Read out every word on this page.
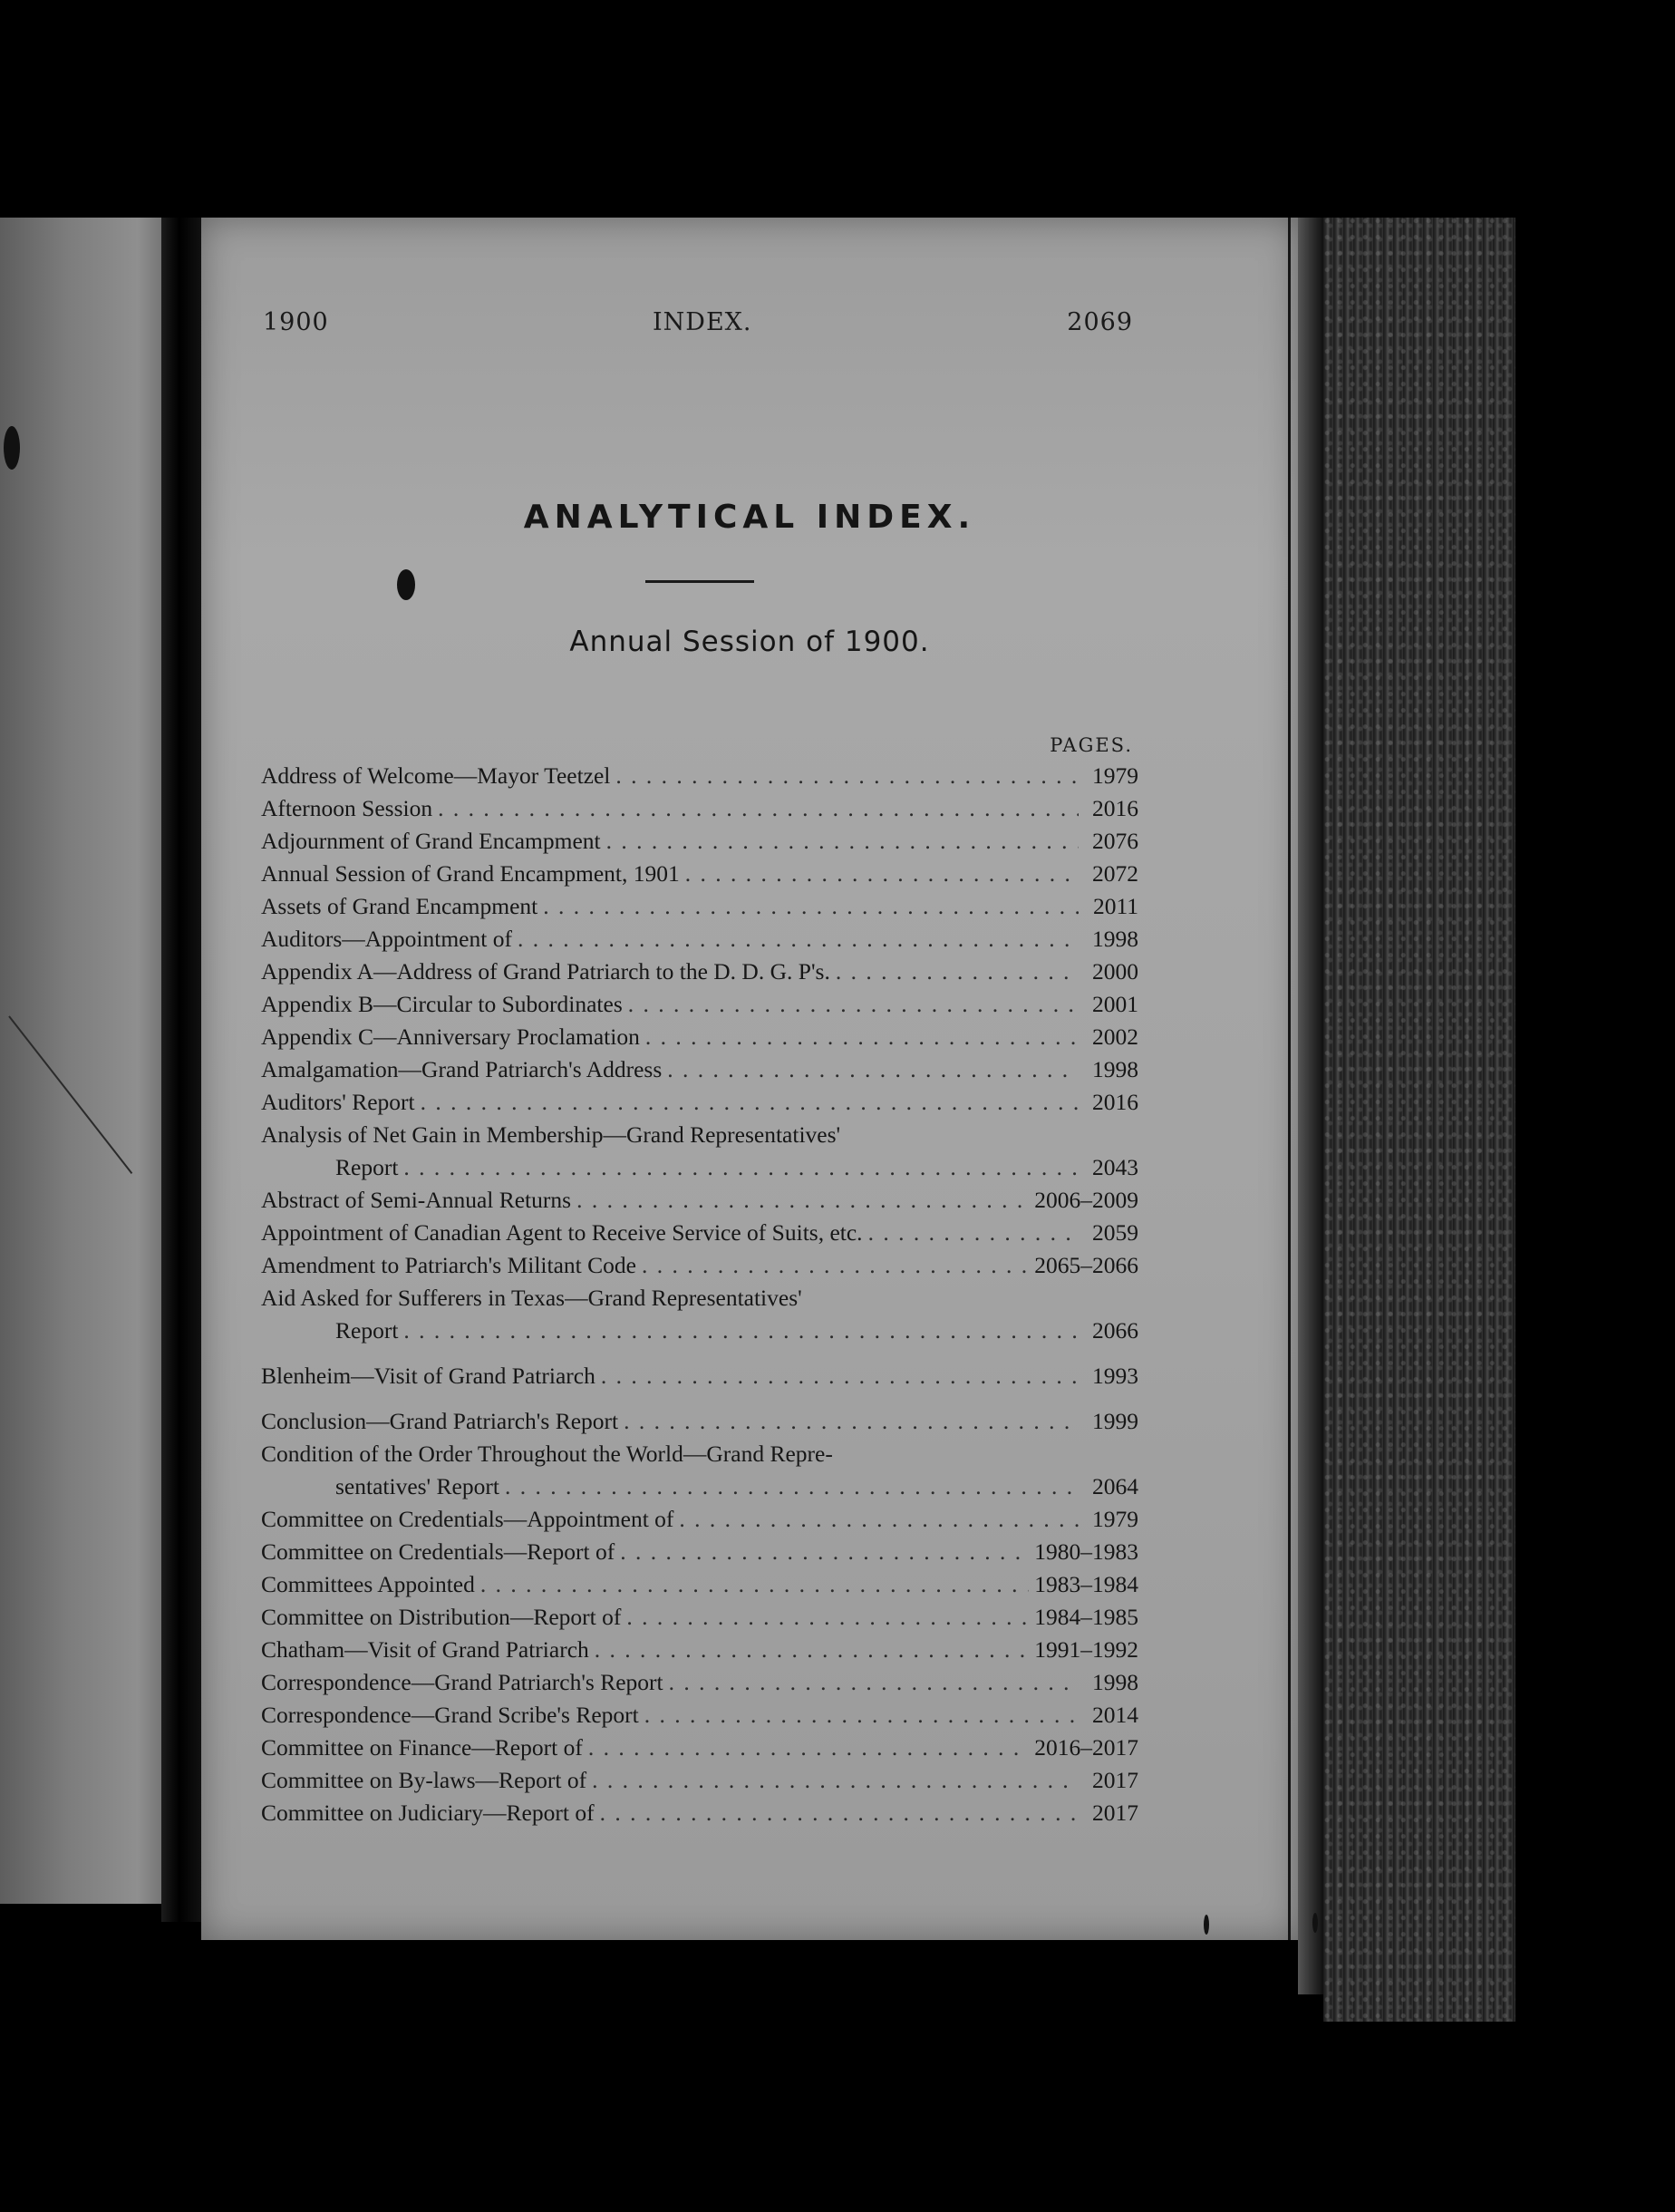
1900	INDEX.	2069
ANALYTICAL INDEX.
Annual Session of 1900.
PAGES.
Address of Welcome—Mayor Teetzel . . .	1979
Afternoon Session . . .	2016
Adjournment of Grand Encampment . . .	2076
Annual Session of Grand Encampment, 1901 . . .	2072
Assets of Grand Encampment . . .	2011
Auditors—Appointment of . . .	1998
Appendix A—Address of Grand Patriarch to the D. D. G. P's. . . .	2000
Appendix B—Circular to Subordinates . . .	2001
Appendix C—Anniversary Proclamation . . .	2002
Amalgamation—Grand Patriarch's Address . . .	1998
Auditors' Report . . .	2016
Analysis of Net Gain in Membership—Grand Representatives'
Report . . .	2043
Abstract of Semi-Annual Returns . . .	2006–2009
Appointment of Canadian Agent to Receive Service of Suits, etc. . . .	2059
Amendment to Patriarch's Militant Code . . .	2065–2066
Aid Asked for Sufferers in Texas—Grand Representatives'
Report . . .	2066
Blenheim—Visit of Grand Patriarch . . .	1993
Conclusion—Grand Patriarch's Report . . .	1999
Condition of the Order Throughout the World—Grand Repre-
sentatives' Report . . .	2064
Committee on Credentials—Appointment of . . .	1979
Committee on Credentials—Report of . . .	1980–1983
Committees Appointed . . .	1983–1984
Committee on Distribution—Report of . . .	1984–1985
Chatham—Visit of Grand Patriarch . . .	1991–1992
Correspondence—Grand Patriarch's Report . . .	1998
Correspondence—Grand Scribe's Report . . .	2014
Committee on Finance—Report of . . .	2016–2017
Committee on By-laws—Report of . . .	2017
Committee on Judiciary—Report of . . .	2017
